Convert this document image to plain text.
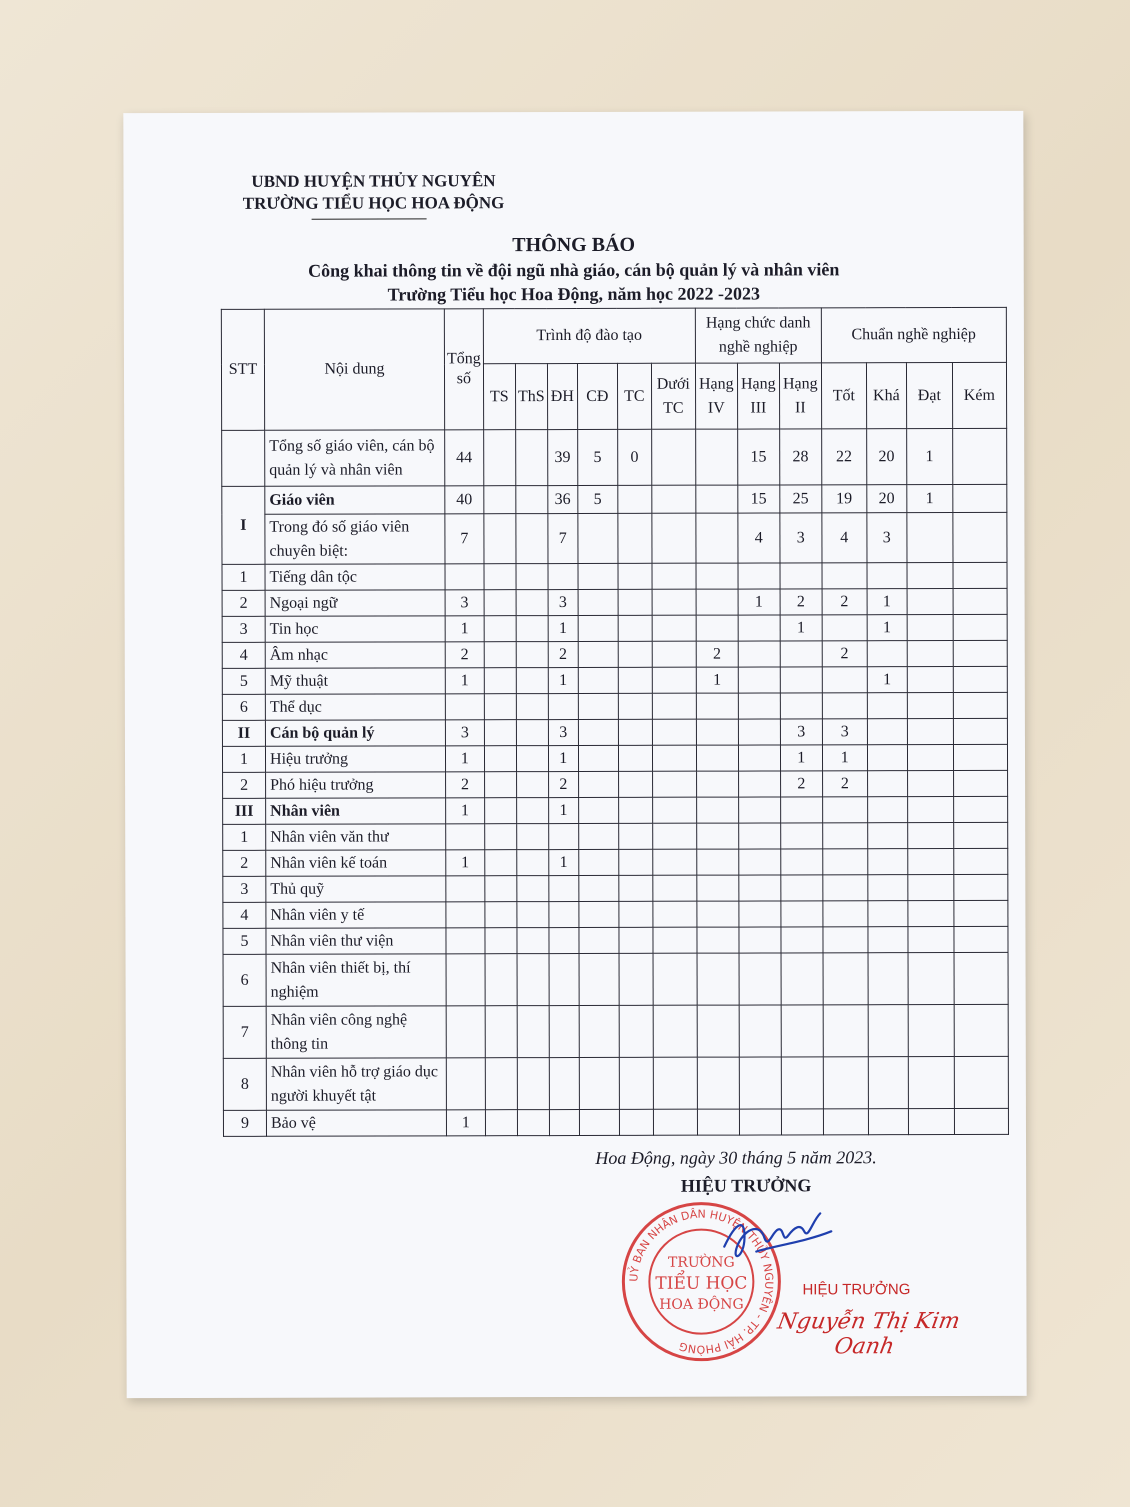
UBND HUYỆN THỦY NGUYÊN
TRƯỜNG TIỂU HỌC HOA ĐỘNG
THÔNG BÁO
Công khai thông tin về đội ngũ nhà giáo, cán bộ quản lý và nhân viên
Trường Tiểu học Hoa Động, năm học 2022 -2023
STT	Nội dung	Tổng số	Trình độ đào tạo						Hạng chức danh nghề nghiệp			Chuẩn nghề nghiệp			
			TS	ThS	ĐH	CĐ	TC	Dưới TC	Hạng IV	Hạng III	Hạng II	Tốt	Khá	Đạt	Kém
	Tổng số giáo viên, cán bộ quản lý và nhân viên	44			39	5	0			15	28	22	20	1	
I	Giáo viên	40			36	5				15	25	19	20	1	
	Trong đó số giáo viên chuyên biệt:	7			7					4	3	4	3		
1	Tiếng dân tộc														
2	Ngoại ngữ	3			3					1	2	2	1		
3	Tin học	1			1						1		1		
4	Âm nhạc	2			2				2			2			
5	Mỹ thuật	1			1				1				1		
6	Thể dục														
II	Cán bộ quản lý	3			3						3	3			
1	Hiệu trưởng	1			1						1	1			
2	Phó hiệu trưởng	2			2						2	2			
III	Nhân viên	1			1										
1	Nhân viên văn thư														
2	Nhân viên kế toán	1			1										
3	Thủ quỹ														
4	Nhân viên y tế														
5	Nhân viên thư viện														
6	Nhân viên thiết bị, thí nghiệm														
7	Nhân viên công nghệ thông tin														
8	Nhân viên hỗ trợ giáo dục người khuyết tật														
9	Bảo vệ	1													
Hoa Động, ngày 30 tháng 5 năm 2023.
HIỆU TRƯỞNG
UỶ BAN NHÂN DÂN HUYỆN THỦY NGUYÊN - TP. HẢI PHÒNG
TRƯỜNG
TIỂU HỌC
HOA ĐỘNG
HIỆU TRƯỞNG
Nguyễn Thị Kim Oanh
